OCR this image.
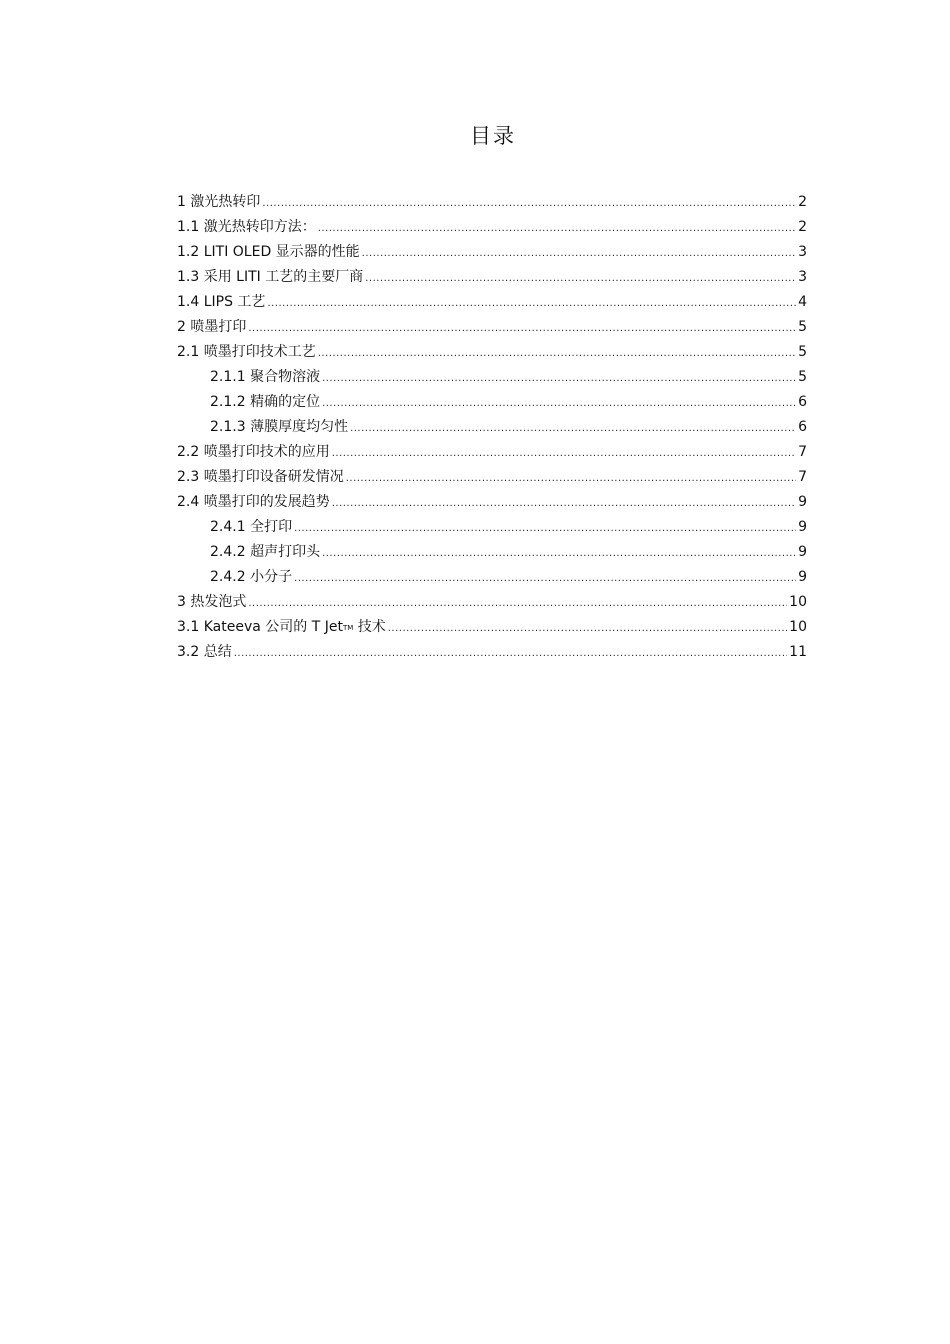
目录
1 激光热转印 .....	2
1.1 激光热转印方法： .....	2
1.2 LITI OLED 显示器的性能 .....	3
1.3 采用 LITI 工艺的主要厂商 .....	3
1.4 LIPS 工艺 .....	4
2 喷墨打印 .....	5
2.1 喷墨打印技术工艺 .....	5
2.1.1 聚合物溶液 .....	5
2.1.2 精确的定位 .....	6
2.1.3 薄膜厚度均匀性 .....	6
2.2 喷墨打印技术的应用 .....	7
2.3 喷墨打印设备研发情况 .....	7
2.4 喷墨打印的发展趋势 .....	9
2.4.1 全打印 .....	9
2.4.2 超声打印头 .....	9
2.4.2 小分子 .....	9
3 热发泡式 .....	10
3.1 Kateeva 公司的 T JetTM 技术 .....	10
3.2 总结 .....	11
